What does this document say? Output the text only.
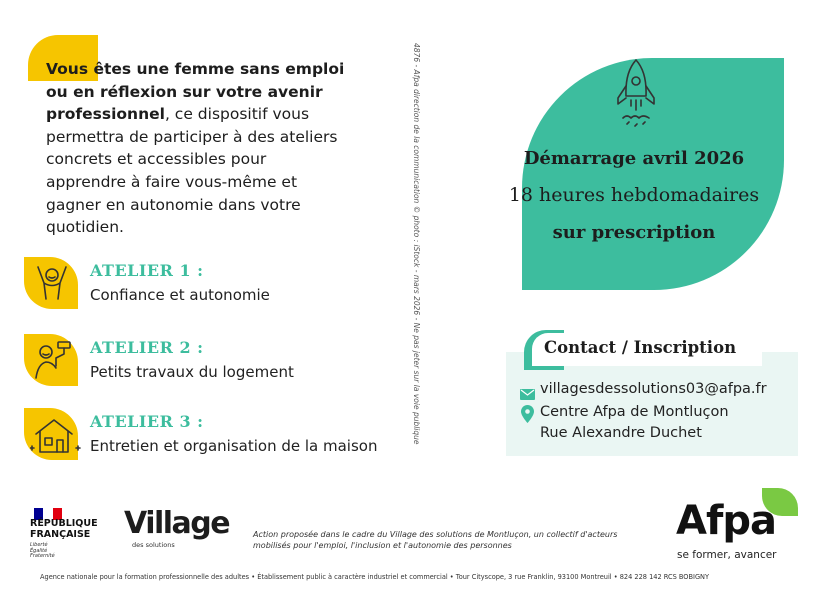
Vous êtes une femme sans emploi ou en réflexion sur votre avenir professionnel, ce dispositif vous permettra de participer à des ateliers concrets et accessibles pour apprendre à faire vous-même et gagner en autonomie dans votre quotidien.
ATELIER 1 :
Confiance et autonomie
ATELIER 2 :
Petits travaux du logement
ATELIER 3 :
Entretien et organisation de la maison
4876 - Afpa direction de la communication © photo : iStock - mars 2026 - Ne pas jeter sur la voie publique	Démarrage avril 2026
18 heures hebdomadaires
sur prescription
Contact / Inscription
villagesdessolutions03@afpa.fr
Centre Afpa de Montluçon
Rue Alexandre Duchet
RÉPUBLIQUE
FRANÇAISE
Liberté
Égalité
Fraternité
Village
des solutions
Action proposée dans le cadre du Village des solutions de Montluçon, un collectif d'acteurs mobilisés pour l'emploi, l'inclusion et l'autonomie des personnes
Afpa
se former, avancer
Agence nationale pour la formation professionnelle des adultes • Établissement public à caractère industriel et commercial • Tour Cityscope, 3 rue Franklin, 93100 Montreuil • 824 228 142 RCS BOBIGNY
